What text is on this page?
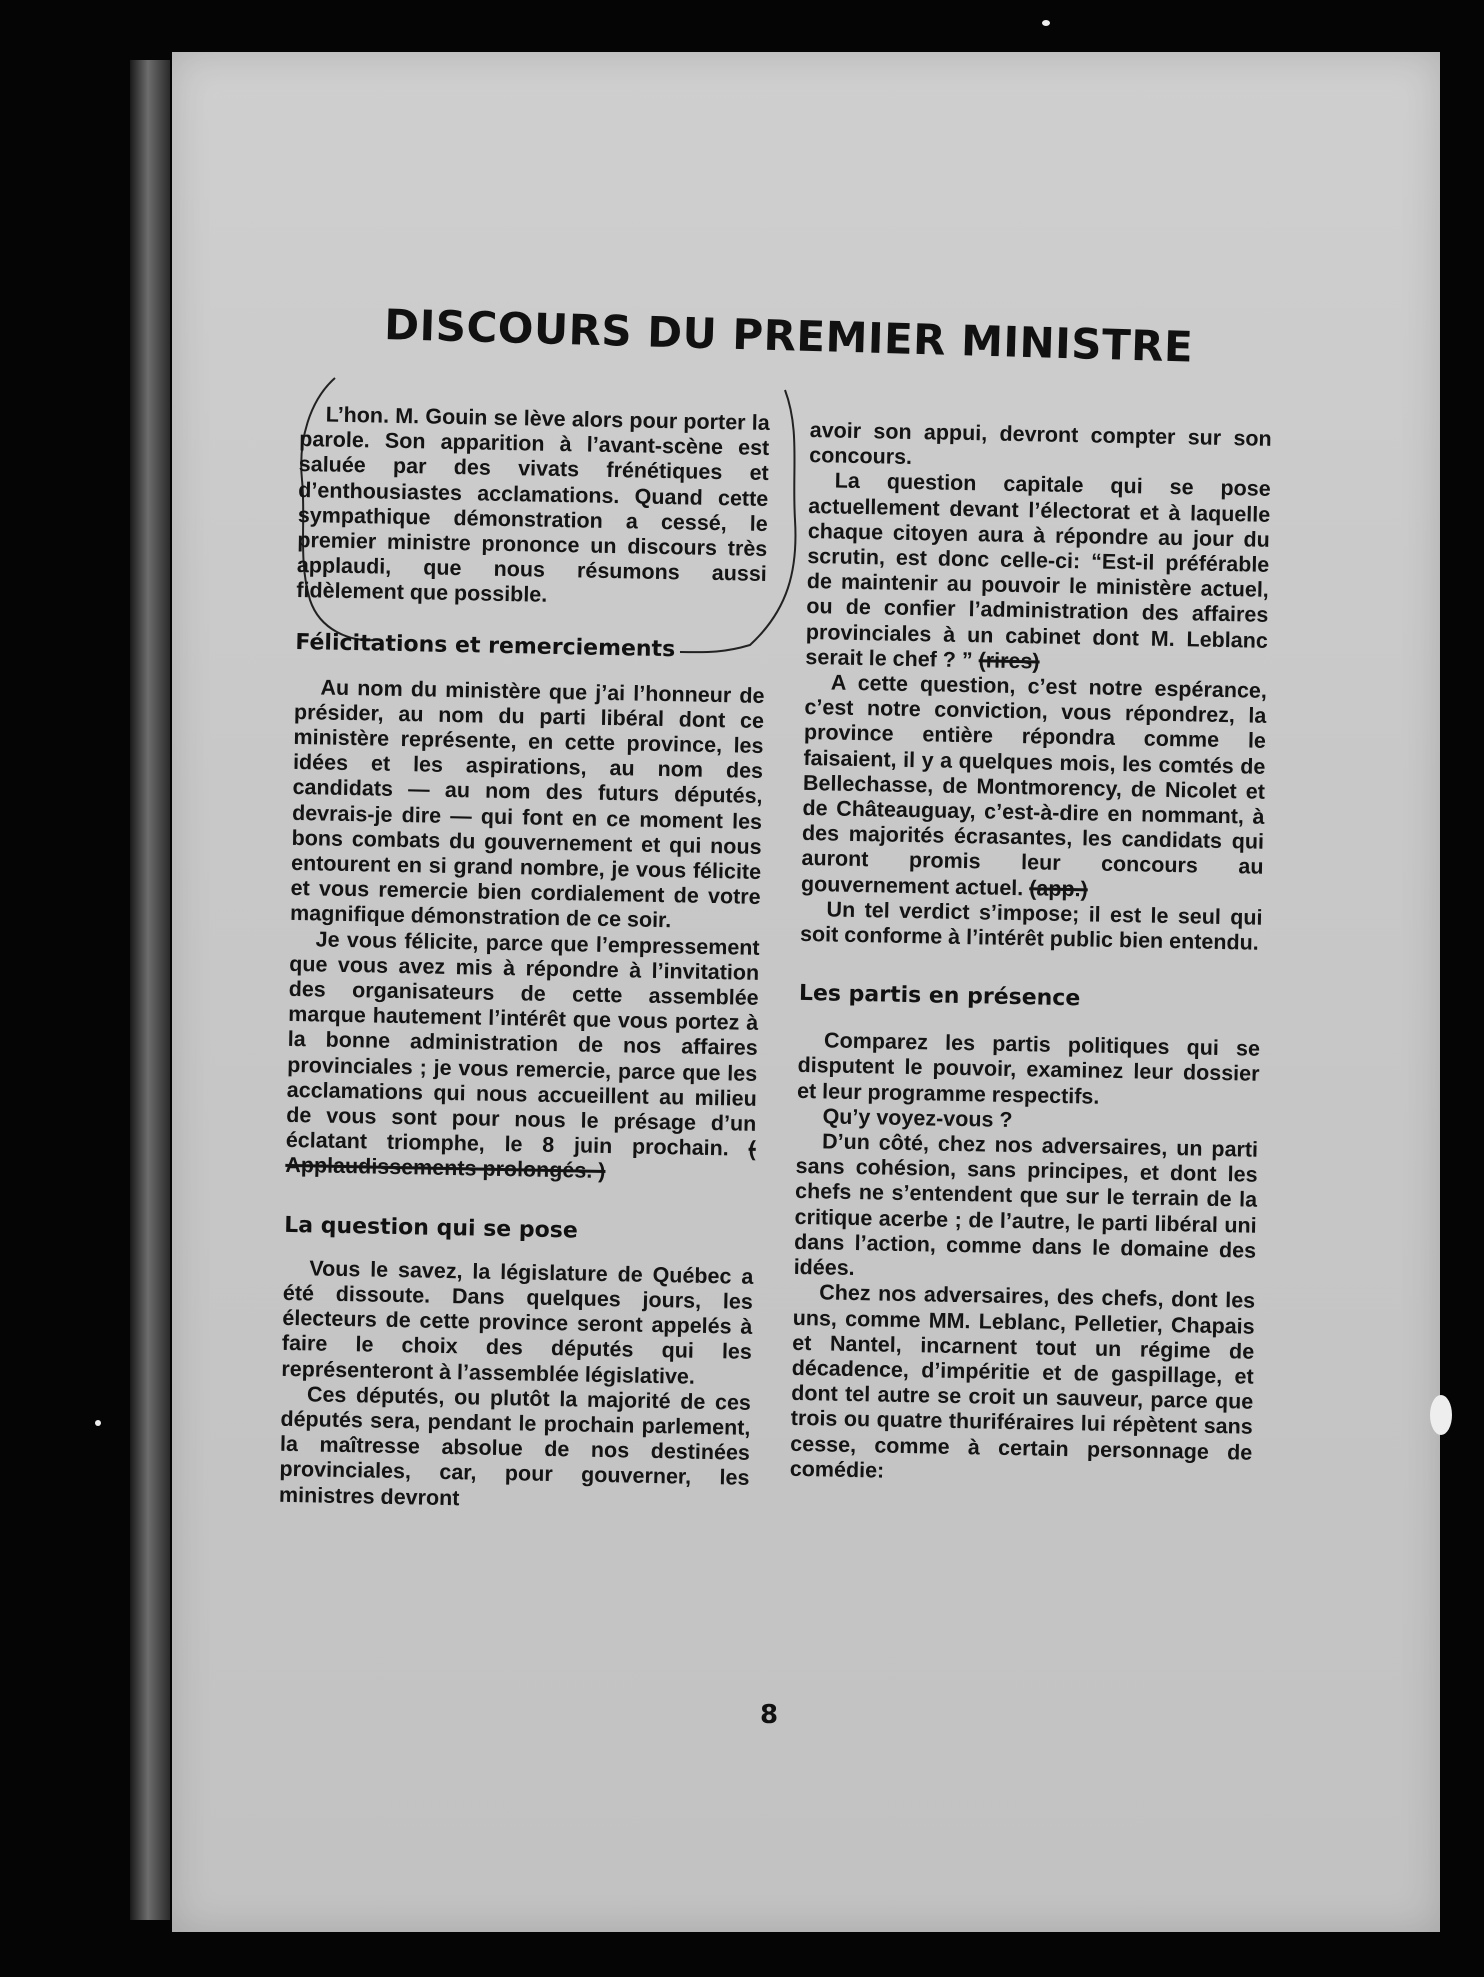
DISCOURS DU PREMIER MINISTRE

L’hon. M. Gouin se lève alors pour porter la parole. Son apparition à l’avant-scène est saluée par des vivats frénétiques et d’enthousiastes acclamations. Quand cette sympathique démonstration a cessé, le premier ministre prononce un discours très applaudi, que nous résumons aussi fidèlement que possible.

Félicitations et remerciements

Au nom du ministère que j’ai l’honneur de présider, au nom du parti libéral dont ce ministère représente, en cette province, les idées et les aspirations, au nom des candidats — au nom des futurs députés, devrais-je dire — qui font en ce moment les bons combats du gouvernement et qui nous entourent en si grand nombre, je vous félicite et vous remercie bien cordialement de votre magnifique démonstration de ce soir.

Je vous félicite, parce que l’empressement que vous avez mis à répondre à l’invitation des organisateurs de cette assemblée marque hautement l’intérêt que vous portez à la bonne administration de nos affaires provinciales ; je vous remercie, parce que les acclamations qui nous accueillent au milieu de vous sont pour nous le présage d’un éclatant triomphe, le 8 juin prochain. ( Applaudissements prolongés. )

La question qui se pose

Vous le savez, la législature de Québec a été dissoute. Dans quelques jours, les électeurs de cette province seront appelés à faire le choix des députés qui les représenteront à l’assemblée législative.

Ces députés, ou plutôt la majorité de ces députés sera, pendant le prochain parlement, la maîtresse absolue de nos destinées provinciales, car, pour gouverner, les ministres devront

avoir son appui, devront compter sur son concours.

La question capitale qui se pose actuellement devant l’électorat et à laquelle chaque citoyen aura à répondre au jour du scrutin, est donc celle-ci: “Est-il préférable de maintenir au pouvoir le ministère actuel, ou de confier l’administration des affaires provinciales à un cabinet dont M. Leblanc serait le chef ? ” (rires)

A cette question, c’est notre espérance, c’est notre conviction, vous répondrez, la province entière répondra comme le faisaient, il y a quelques mois, les comtés de Bellechasse, de Montmorency, de Nicolet et de Châteauguay, c’est-à-dire en nommant, à des majorités écrasantes, les candidats qui auront promis leur concours au gouvernement actuel. (app.)

Un tel verdict s’impose; il est le seul qui soit conforme à l’intérêt public bien entendu.

Les partis en présence

Comparez les partis politiques qui se disputent le pouvoir, examinez leur dossier et leur programme respectifs.

Qu’y voyez-vous ?

D’un côté, chez nos adversaires, un parti sans cohésion, sans principes, et dont les chefs ne s’entendent que sur le terrain de la critique acerbe ; de l’autre, le parti libéral uni dans l’action, comme dans le domaine des idées.

Chez nos adversaires, des chefs, dont les uns, comme MM. Leblanc, Pelletier, Chapais et Nantel, incarnent tout un régime de décadence, d’impéritie et de gaspillage, et dont tel autre se croit un sauveur, parce que trois ou quatre thuriféraires lui répètent sans cesse, comme à certain personnage de comédie:

8
